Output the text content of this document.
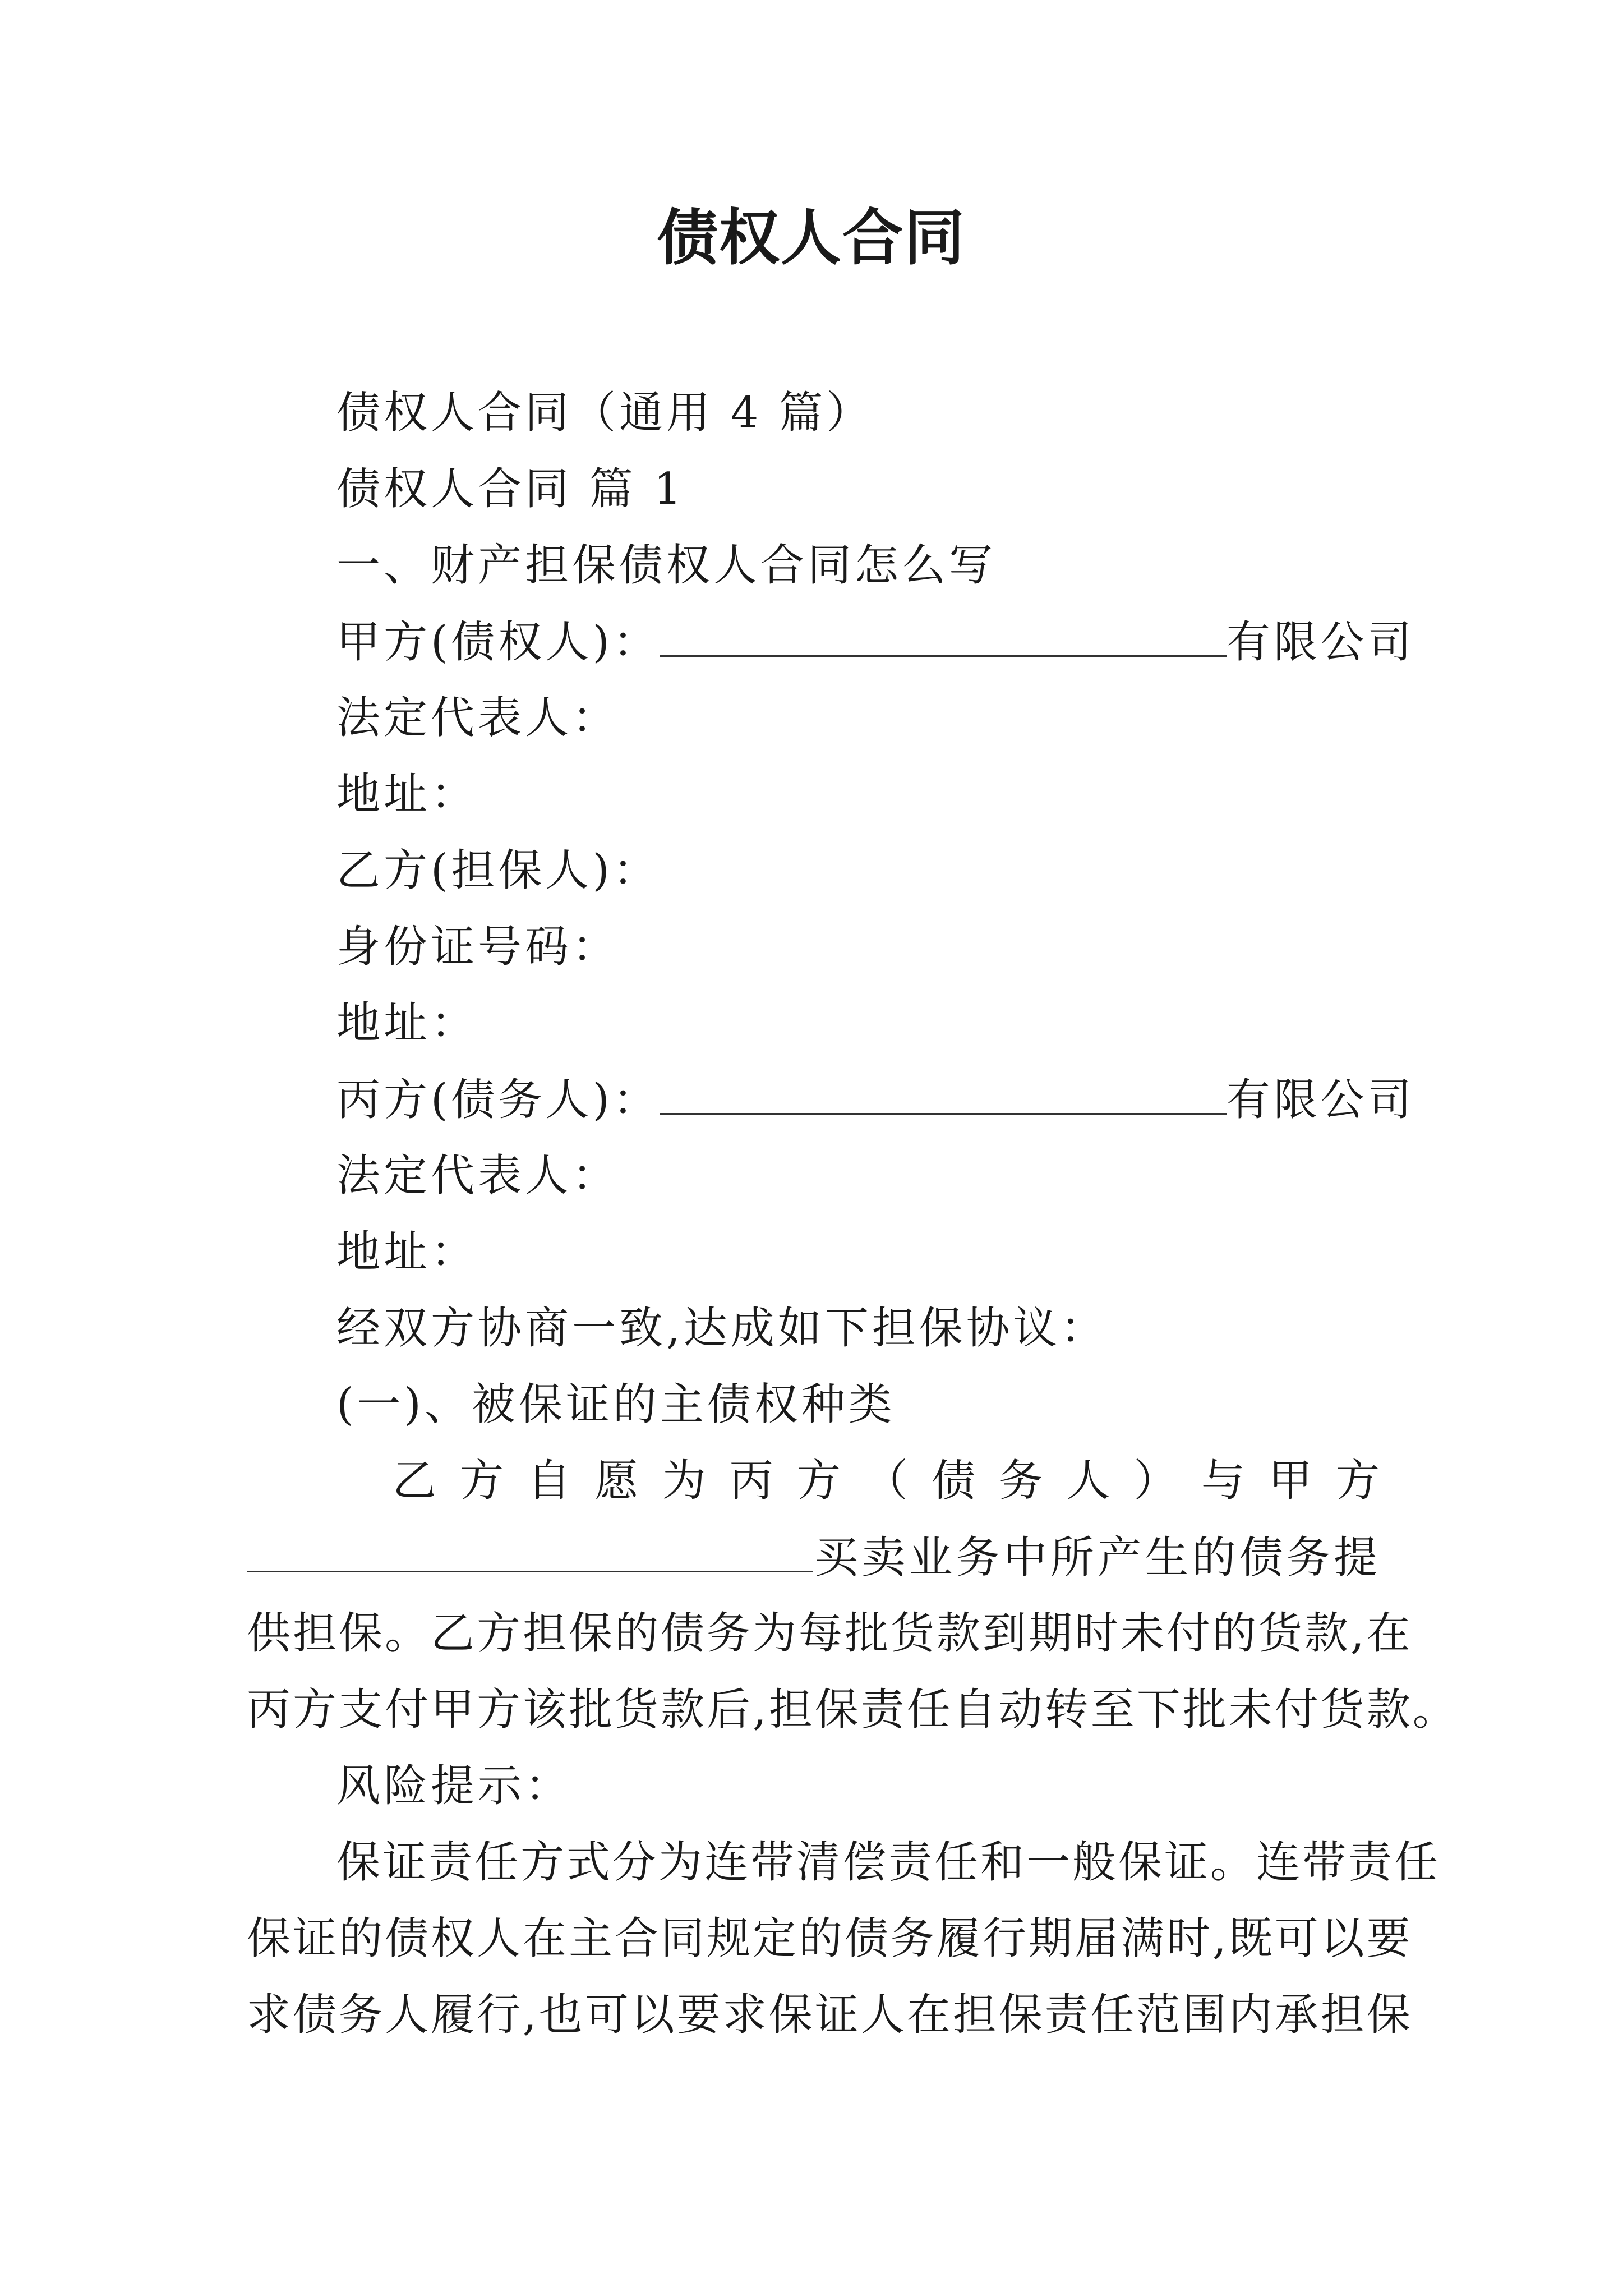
债权人合同
债权人合同（通用 4 篇）
债权人合同 篇 1
一、财产担保债权人合同怎么写
甲方(债权人)：	有限公司
法定代表人：
地址：
乙方(担保人)：
身份证号码：
地址：
丙方(债务人)：	有限公司
法定代表人：
地址：
经双方协商一致,达成如下担保协议：
(一)、被保证的主债权种类
乙 方 自 愿 为 丙 方 （ 债 务 人 ） 与 甲 方
买卖业务中所产生的债务提
供担保。乙方担保的债务为每批货款到期时未付的货款,在
丙方支付甲方该批货款后,担保责任自动转至下批未付货款。
风险提示：
保证责任方式分为连带清偿责任和一般保证。连带责任
保证的债权人在主合同规定的债务履行期届满时,既可以要
求债务人履行,也可以要求保证人在担保责任范围内承担保
